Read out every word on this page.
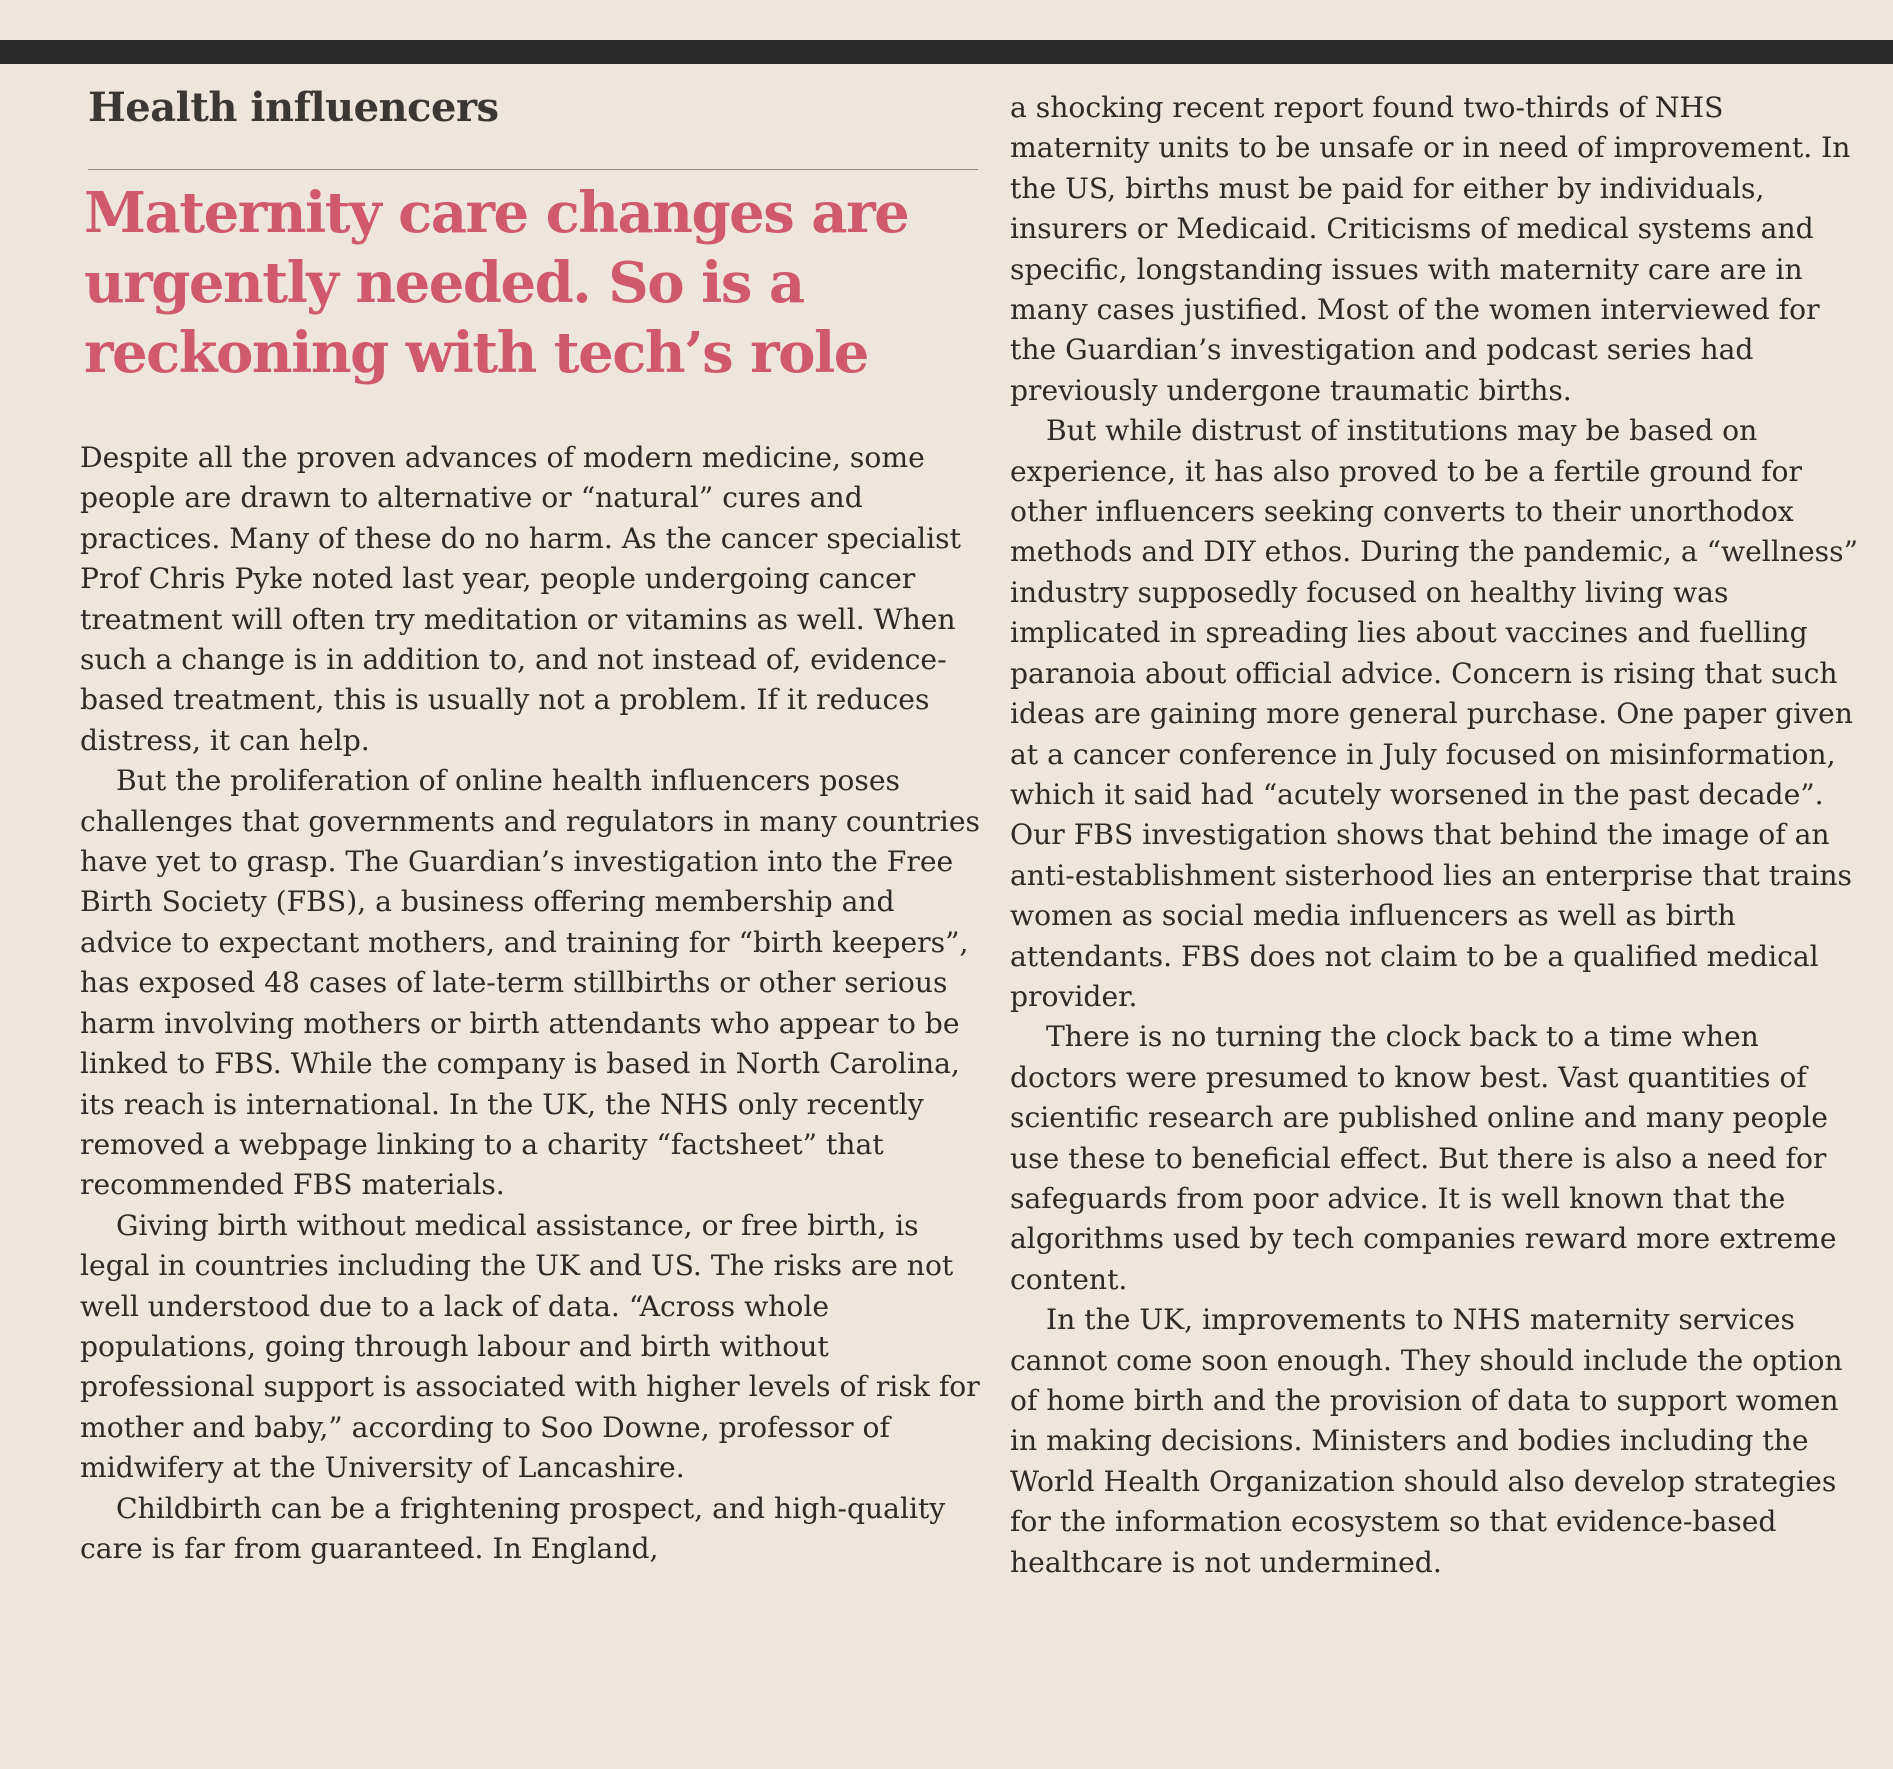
Health influencers
Maternity care changes are urgently needed. So is a reckoning with tech’s role

Despite all the proven advances of modern medicine, some people are drawn to alternative or “natural” cures and practices. Many of these do no harm. As the cancer specialist Prof Chris Pyke noted last year, people undergoing cancer treatment will often try meditation or vitamins as well. When such a change is in addition to, and not instead of, evidence-based treatment, this is usually not a problem. If it reduces distress, it can help.

But the proliferation of online health influencers poses challenges that governments and regulators in many countries have yet to grasp. The Guardian’s investigation into the Free Birth Society (FBS), a business offering membership and advice to expectant mothers, and training for “birth keepers”, has exposed 48 cases of late-term stillbirths or other serious harm involving mothers or birth attendants who appear to be linked to FBS. While the company is based in North Carolina, its reach is international. In the UK, the NHS only recently removed a webpage linking to a charity “factsheet” that recommended FBS materials.

Giving birth without medical assistance, or free birth, is legal in countries including the UK and US. The risks are not well understood due to a lack of data. “Across whole populations, going through labour and birth without professional support is associated with higher levels of risk for mother and baby,” according to Soo Downe, professor of midwifery at the University of Lancashire.

Childbirth can be a frightening prospect, and high-quality care is far from guaranteed. In England,

a shocking recent report found two-thirds of NHS maternity units to be unsafe or in need of improvement. In the US, births must be paid for either by individuals, insurers or Medicaid. Criticisms of medical systems and specific, longstanding issues with maternity care are in many cases justified. Most of the women interviewed for the Guardian’s investigation and podcast series had previously undergone traumatic births.

But while distrust of institutions may be based on experience, it has also proved to be a fertile ground for other influencers seeking converts to their unorthodox methods and DIY ethos. During the pandemic, a “wellness” industry supposedly focused on healthy living was implicated in spreading lies about vaccines and fuelling paranoia about official advice. Concern is rising that such ideas are gaining more general purchase. One paper given at a cancer conference in July focused on misinformation, which it said had “acutely worsened in the past decade”. Our FBS investigation shows that behind the image of an anti-establishment sisterhood lies an enterprise that trains women as social media influencers as well as birth attendants. FBS does not claim to be a qualified medical provider.

There is no turning the clock back to a time when doctors were presumed to know best. Vast quantities of scientific research are published online and many people use these to beneficial effect. But there is also a need for safeguards from poor advice. It is well known that the algorithms used by tech companies reward more extreme content.

In the UK, improvements to NHS maternity services cannot come soon enough. They should include the option of home birth and the provision of data to support women in making decisions. Ministers and bodies including the World Health Organization should also develop strategies for the information ecosystem so that evidence-based healthcare is not undermined.
